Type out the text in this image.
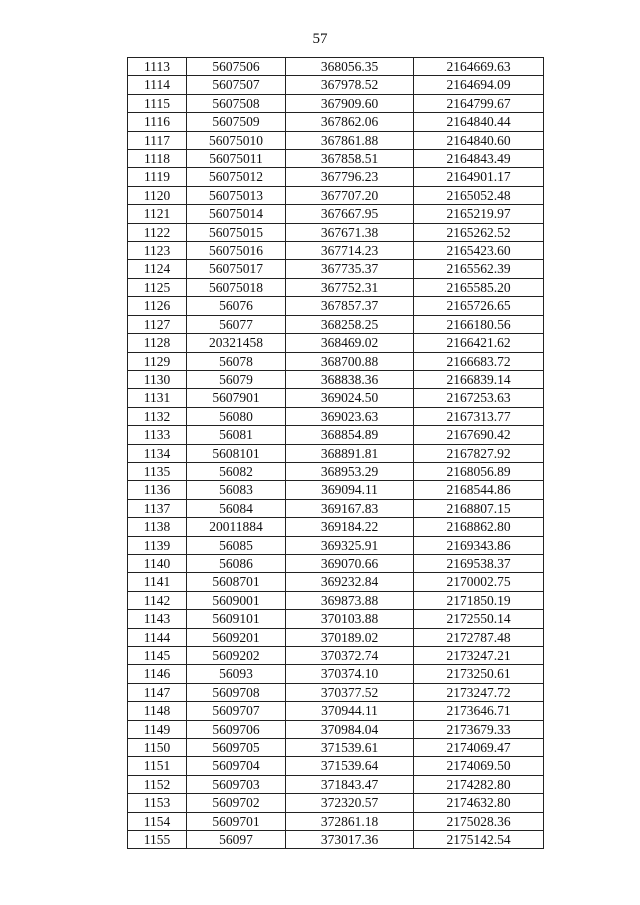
57
1113	5607506	368056.35	2164669.63
1114	5607507	367978.52	2164694.09
1115	5607508	367909.60	2164799.67
1116	5607509	367862.06	2164840.44
1117	56075010	367861.88	2164840.60
1118	56075011	367858.51	2164843.49
1119	56075012	367796.23	2164901.17
1120	56075013	367707.20	2165052.48
1121	56075014	367667.95	2165219.97
1122	56075015	367671.38	2165262.52
1123	56075016	367714.23	2165423.60
1124	56075017	367735.37	2165562.39
1125	56075018	367752.31	2165585.20
1126	56076	367857.37	2165726.65
1127	56077	368258.25	2166180.56
1128	20321458	368469.02	2166421.62
1129	56078	368700.88	2166683.72
1130	56079	368838.36	2166839.14
1131	5607901	369024.50	2167253.63
1132	56080	369023.63	2167313.77
1133	56081	368854.89	2167690.42
1134	5608101	368891.81	2167827.92
1135	56082	368953.29	2168056.89
1136	56083	369094.11	2168544.86
1137	56084	369167.83	2168807.15
1138	20011884	369184.22	2168862.80
1139	56085	369325.91	2169343.86
1140	56086	369070.66	2169538.37
1141	5608701	369232.84	2170002.75
1142	5609001	369873.88	2171850.19
1143	5609101	370103.88	2172550.14
1144	5609201	370189.02	2172787.48
1145	5609202	370372.74	2173247.21
1146	56093	370374.10	2173250.61
1147	5609708	370377.52	2173247.72
1148	5609707	370944.11	2173646.71
1149	5609706	370984.04	2173679.33
1150	5609705	371539.61	2174069.47
1151	5609704	371539.64	2174069.50
1152	5609703	371843.47	2174282.80
1153	5609702	372320.57	2174632.80
1154	5609701	372861.18	2175028.36
1155	56097	373017.36	2175142.54
